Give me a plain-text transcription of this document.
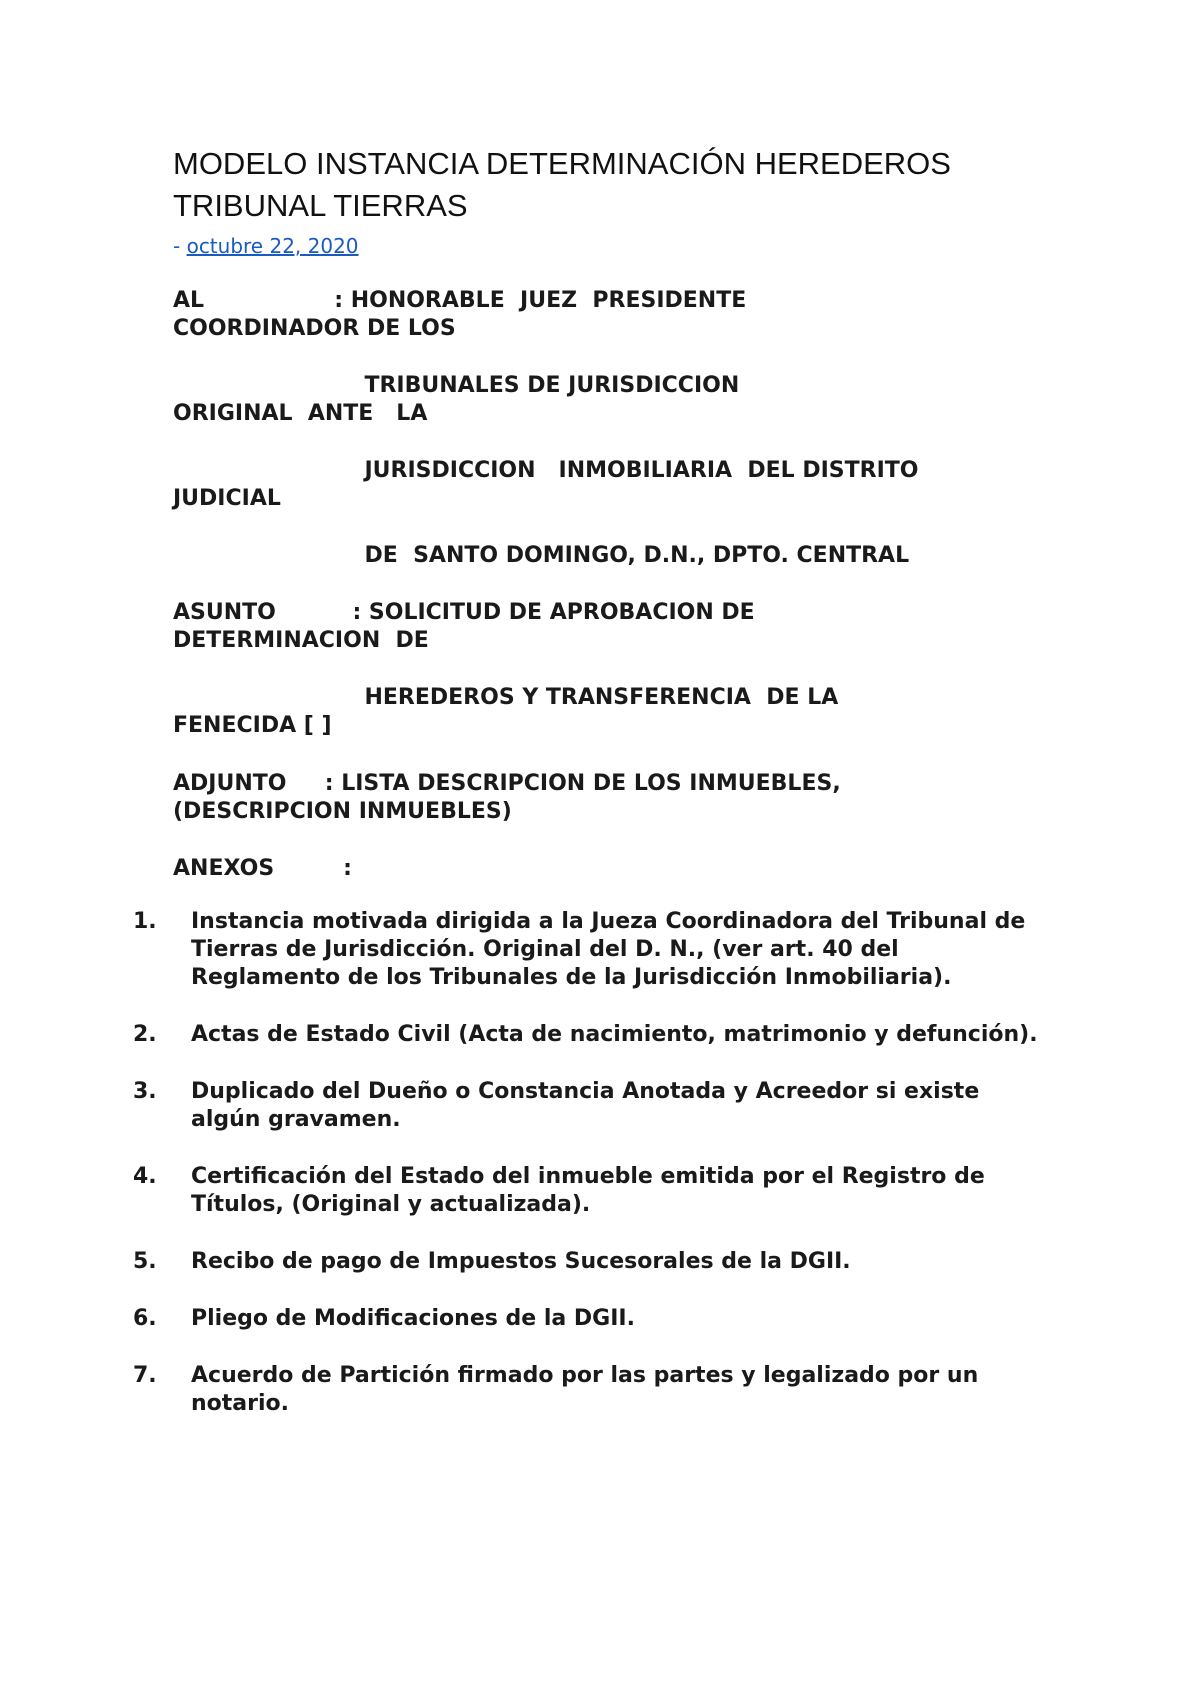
MODELO INSTANCIA DETERMINACIÓN HEREDEROS
TRIBUNAL TIERRAS

- octubre 22, 2020

AL                 : HONORABLE  JUEZ  PRESIDENTE

COORDINADOR DE LOS

TRIBUNALES DE JURISDICCION

ORIGINAL  ANTE   LA

JURISDICCION   INMOBILIARIA  DEL DISTRITO

JUDICIAL

DE  SANTO DOMINGO, D.N., DPTO. CENTRAL

ASUNTO          : SOLICITUD DE APROBACION DE

DETERMINACION  DE

HEREDEROS Y TRANSFERENCIA  DE LA

FENECIDA [ ]

ADJUNTO     : LISTA DESCRIPCION DE LOS INMUEBLES,

(DESCRIPCION INMUEBLES)

ANEXOS         :

1.	Instancia motivada dirigida a la Jueza Coordinadora del Tribunal de Tierras de Jurisdicción. Original del D. N., (ver art. 40 del Reglamento de los Tribunales de la Jurisdicción Inmobiliaria).
2.	Actas de Estado Civil (Acta de nacimiento, matrimonio y defunción).
3.	Duplicado del Dueño o Constancia Anotada y Acreedor si existe algún gravamen.
4.	Certificación del Estado del inmueble emitida por el Registro de Títulos, (Original y actualizada).
5.	Recibo de pago de Impuestos Sucesorales de la DGII.
6.	Pliego de Modificaciones de la DGII.
7.	Acuerdo de Partición firmado por las partes y legalizado por un notario.
